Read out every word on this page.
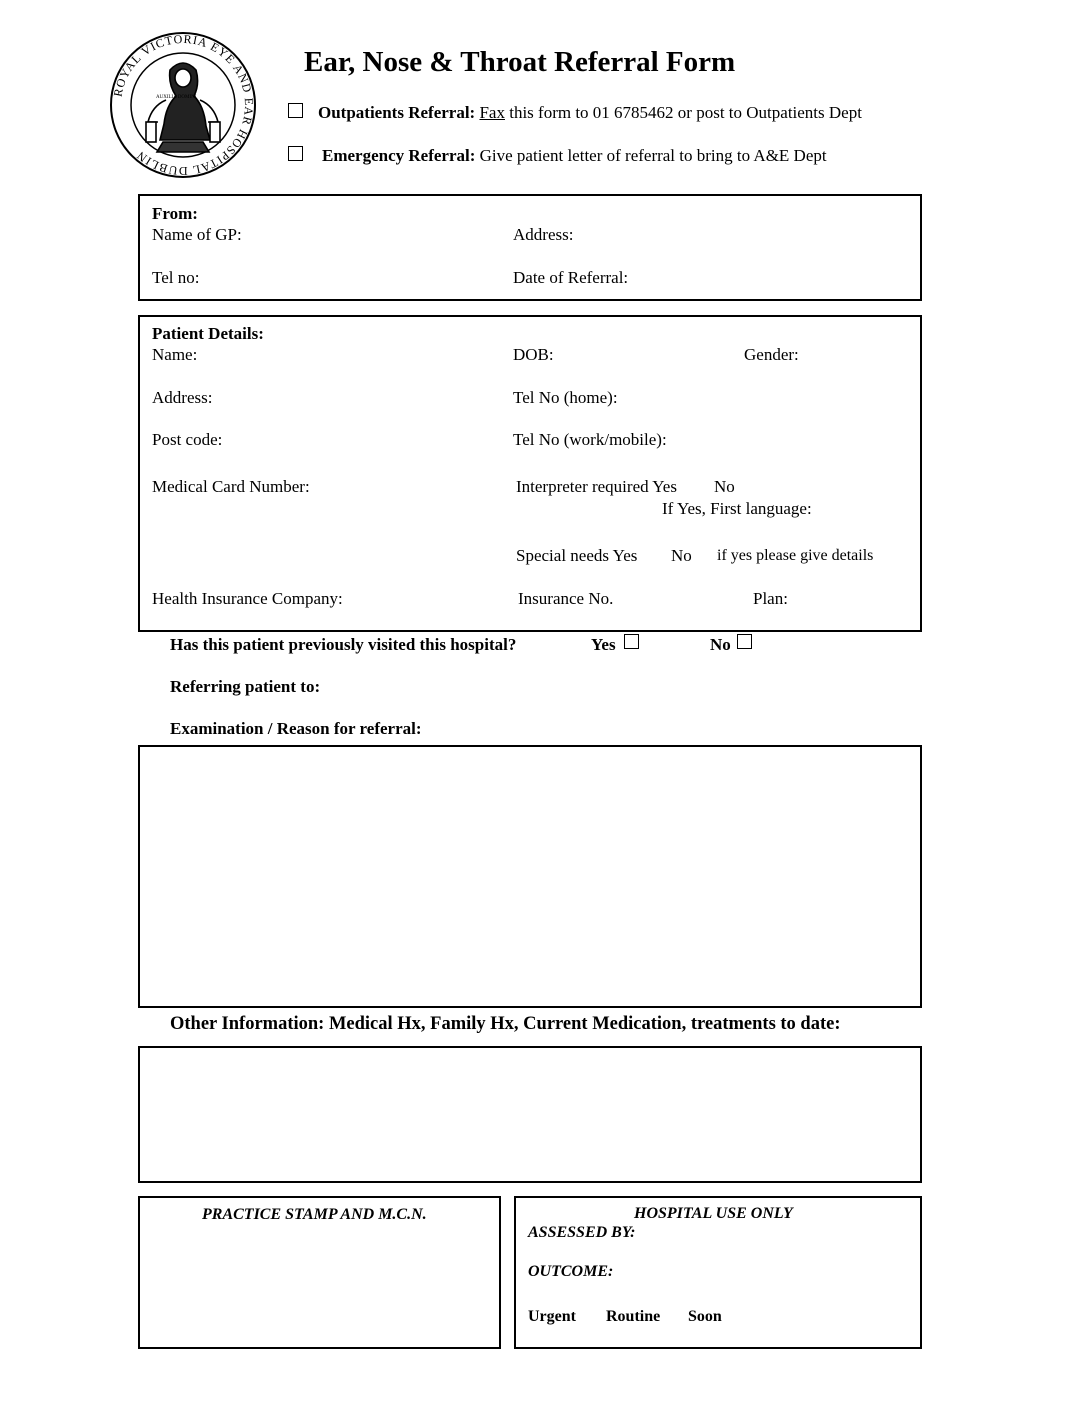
ROYAL VICTORIA EYE AND EAR HOSPITAL DUBLIN
AUXILIA DOMINI
Ear, Nose & Throat Referral Form
Outpatients Referral: Fax this form to 01 6785462 or post to Outpatients Dept
Emergency Referral: Give patient letter of referral to bring to A&E Dept
From:
Name of GP:	Address:
Tel no:	Date of Referral:
Patient Details:
Name:	DOB:	Gender:
Address:	Tel No (home):
Post code:	Tel No (work/mobile):
Medical Card Number:	Interpreter required Yes No
If Yes, First language:
Special needs Yes No if yes please give details
Health Insurance Company:	Insurance No.	Plan:
Has this patient previously visited this hospital?	Yes	No
Referring patient to:
Examination / Reason for referral:
Other Information: Medical Hx, Family Hx, Current Medication, treatments to date:
PRACTICE STAMP AND M.C.N.	HOSPITAL USE ONLY
ASSESSED BY:
OUTCOME:
Urgent Routine Soon
